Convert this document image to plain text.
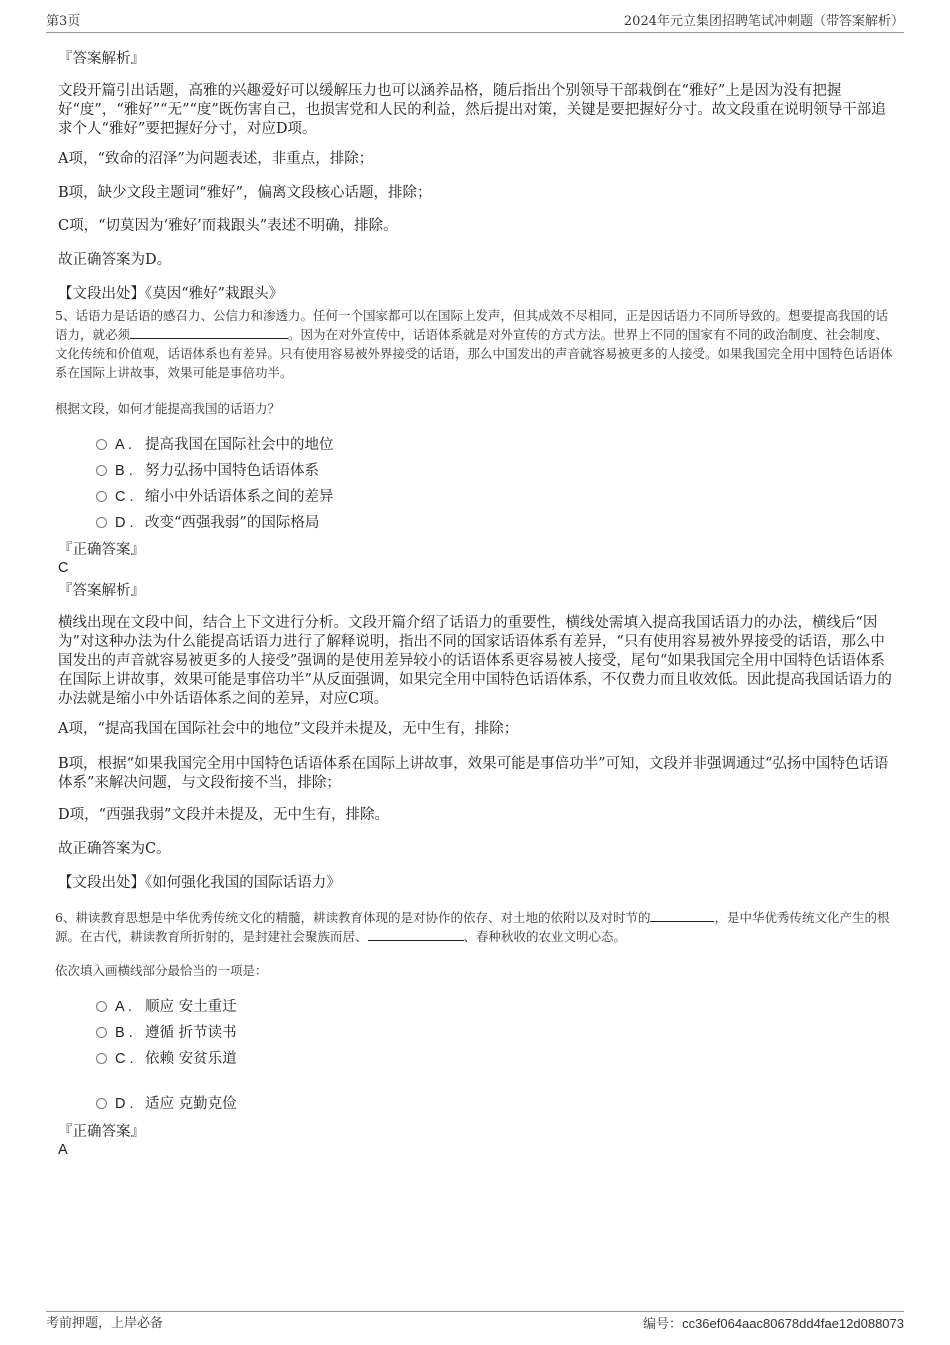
第3页	2024年元立集团招聘笔试冲刺题（带答案解析）
『答案解析』

文段开篇引出话题，高雅的兴趣爱好可以缓解压力也可以涵养品格，随后指出个别领导干部栽倒在“雅好”上是因为没有把握好“度”，“雅好”“无”“度”既伤害自己，也损害党和人民的利益，然后提出对策，关键是要把握好分寸。故文段重在说明领导干部追求个人“雅好”要把握好分寸，对应D项。

A项，“致命的沼泽”为问题表述，非重点，排除；

B项，缺少文段主题词“雅好”，偏离文段核心话题，排除；

C项，“切莫因为‘雅好’而栽跟头”表述不明确，排除。

故正确答案为D。

【文段出处】《莫因“雅好”栽跟头》

5、话语力是话语的感召力、公信力和渗透力。任何一个国家都可以在国际上发声，但其成效不尽相同，正是因话语力不同所导致的。想要提高我国的话语力，就必须	。因为在对外宣传中，话语体系就是对外宣传的方式方法。世界上不同的国家有不同的政治制度、社会制度、文化传统和价值观，话语体系也有差异。只有使用容易被外界接受的话语，那么中国发出的声音就容易被更多的人接受。如果我国完全用中国特色话语体系在国际上讲故事，效果可能是事倍功半。

根据文段，如何才能提高我国的话语力？

A . 提高我国在国际社会中的地位
B . 努力弘扬中国特色话语体系
C . 缩小中外话语体系之间的差异
D . 改变“西强我弱”的国际格局
『正确答案』
C
『答案解析』

横线出现在文段中间，结合上下文进行分析。文段开篇介绍了话语力的重要性，横线处需填入提高我国话语力的办法，横线后“因为”对这种办法为什么能提高话语力进行了解释说明，指出不同的国家话语体系有差异，“只有使用容易被外界接受的话语，那么中国发出的声音就容易被更多的人接受”强调的是使用差异较小的话语体系更容易被人接受，尾句“如果我国完全用中国特色话语体系在国际上讲故事，效果可能是事倍功半”从反面强调，如果完全用中国特色话语体系，不仅费力而且收效低。因此提高我国话语力的办法就是缩小中外话语体系之间的差异，对应C项。

A项，“提高我国在国际社会中的地位”文段并未提及，无中生有，排除；

B项，根据“如果我国完全用中国特色话语体系在国际上讲故事，效果可能是事倍功半”可知，文段并非强调通过“弘扬中国特色话语体系”来解决问题，与文段衔接不当，排除；

D项，“西强我弱”文段并未提及，无中生有，排除。

故正确答案为C。

【文段出处】《如何强化我国的国际话语力》

6、耕读教育思想是中华优秀传统文化的精髓，耕读教育体现的是对协作的依存、对土地的依附以及对时节的	，是中华优秀传统文化产生的根源。在古代，耕读教育所折射的，是封建社会聚族而居、	、春种秋收的农业文明心态。

依次填入画横线部分最恰当的一项是：

A . 顺应 安土重迁
B . 遵循 折节读书
C . 依赖 安贫乐道
D . 适应 克勤克俭
『正确答案』
A
考前押题，上岸必备	编号：cc36ef064aac80678dd4fae12d088073
